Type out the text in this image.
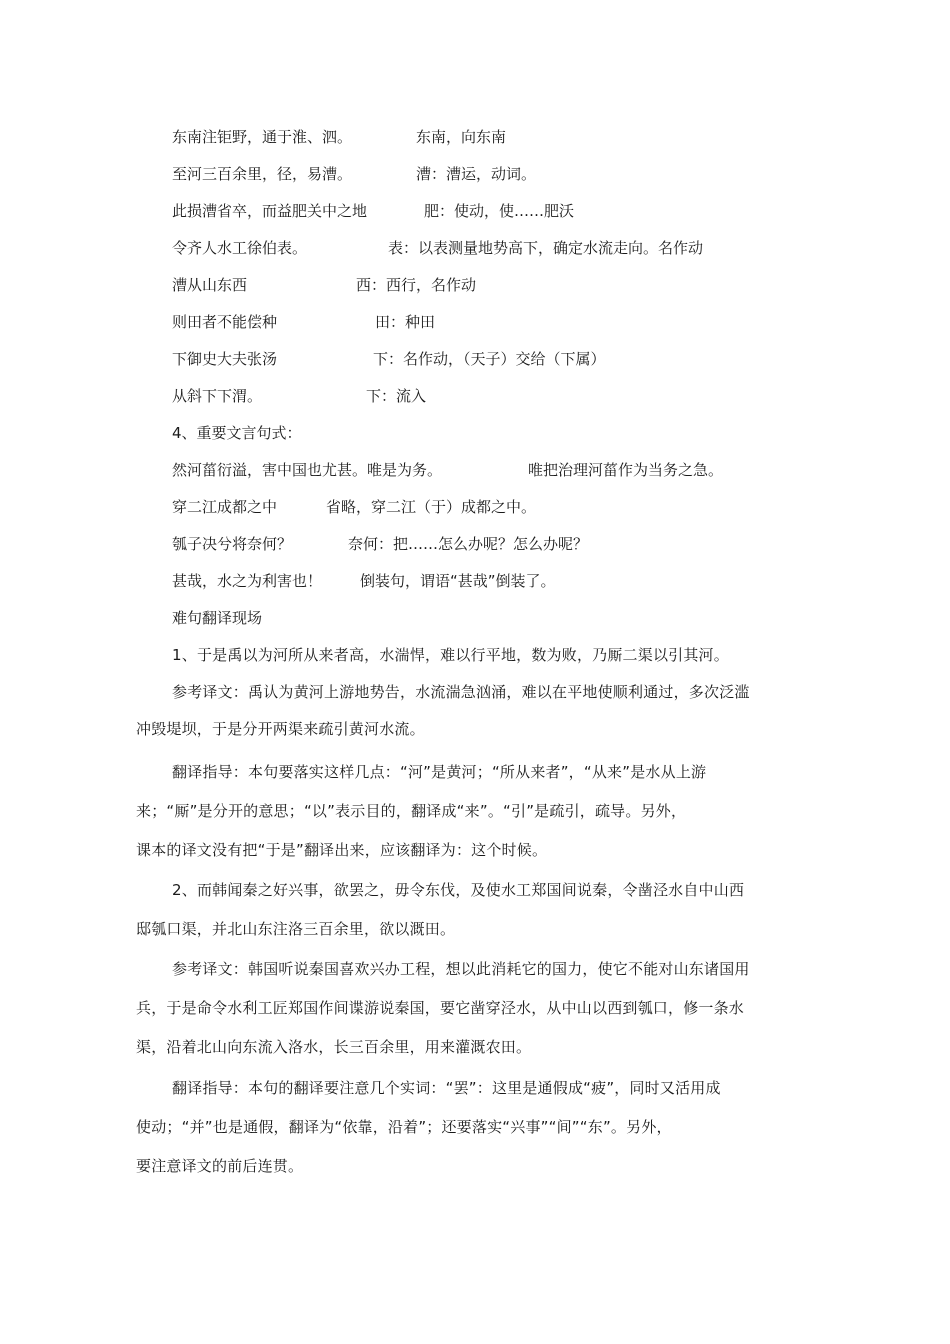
东南注钜野，通于淮、泗。	东南，向东南
至河三百余里，径，易漕。	漕：漕运，动词。
此损漕省卒，而益肥关中之地	肥：使动，使……肥沃
令齐人水工徐伯表。	表：以表测量地势高下，确定水流走向。名作动
漕从山东西	西：西行，名作动
则田者不能偿种	田：种田
下御史大夫张汤	下：名作动，（天子）交给（下属）
从斜下下渭。	下：流入
4、重要文言句式：
然河菑衍溢，害中国也尤甚。唯是为务。	唯把治理河菑作为当务之急。
穿二江成都之中	省略，穿二江（于）成都之中。
瓠子决兮将奈何？	奈何：把……怎么办呢？怎么办呢？
甚哉，水之为利害也！	倒装句，谓语“甚哉”倒装了。
难句翻译现场
1、于是禹以为河所从来者高，水湍悍，难以行平地，数为败，乃厮二渠以引其河。
参考译文：禹认为黄河上游地势告，水流湍急汹涌，难以在平地使顺利通过，多次泛滥
冲毁堤坝，于是分开两渠来疏引黄河水流。
翻译指导：本句要落实这样几点：“河”是黄河；“所从来者”，“从来”是水从上游
来；“厮”是分开的意思；“以”表示目的，翻译成“来”。“引”是疏引，疏导。另外，
课本的译文没有把“于是”翻译出来，应该翻译为：这个时候。
2、而韩闻秦之好兴事，欲罢之，毋令东伐，及使水工郑国间说秦，令凿泾水自中山西
邸瓠口渠，并北山东注洛三百余里，欲以溉田。
参考译文：韩国听说秦国喜欢兴办工程，想以此消耗它的国力，使它不能对山东诸国用
兵，于是命令水利工匠郑国作间谍游说秦国，要它凿穿泾水，从中山以西到瓠口，修一条水
渠，沿着北山向东流入洛水，长三百余里，用来灌溉农田。
翻译指导：本句的翻译要注意几个实词：“罢”：这里是通假成“疲”，同时又活用成
使动；“并”也是通假，翻译为“依靠，沿着”；还要落实“兴事”“间”“东”。另外，
要注意译文的前后连贯。
